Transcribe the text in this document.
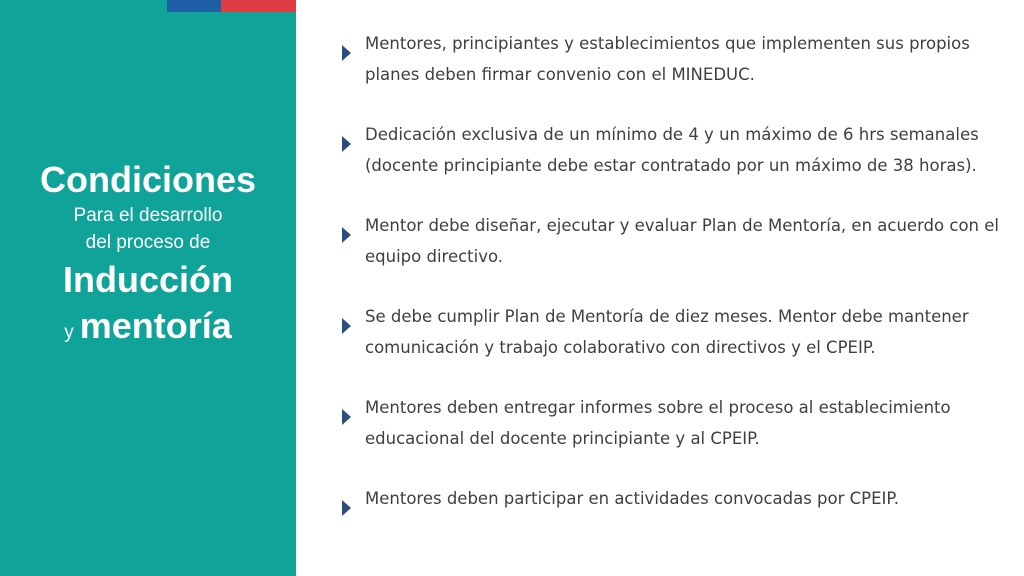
Condiciones
Para el desarrollo
del proceso de
Inducción
y mentoría
Mentores, principiantes y establecimientos que implementen sus propios planes deben firmar convenio con el MINEDUC.
Dedicación exclusiva de un mínimo de 4 y un máximo de 6 hrs semanales (docente principiante debe estar contratado por un máximo de 38 horas).
Mentor debe diseñar, ejecutar y evaluar Plan de Mentoría, en acuerdo con el equipo directivo.
Se debe cumplir Plan de Mentoría de diez meses. Mentor debe mantener comunicación y trabajo colaborativo con directivos y el CPEIP.
Mentores deben entregar informes sobre el proceso al establecimiento educacional del docente principiante y al CPEIP.
Mentores deben participar en actividades convocadas por CPEIP.
